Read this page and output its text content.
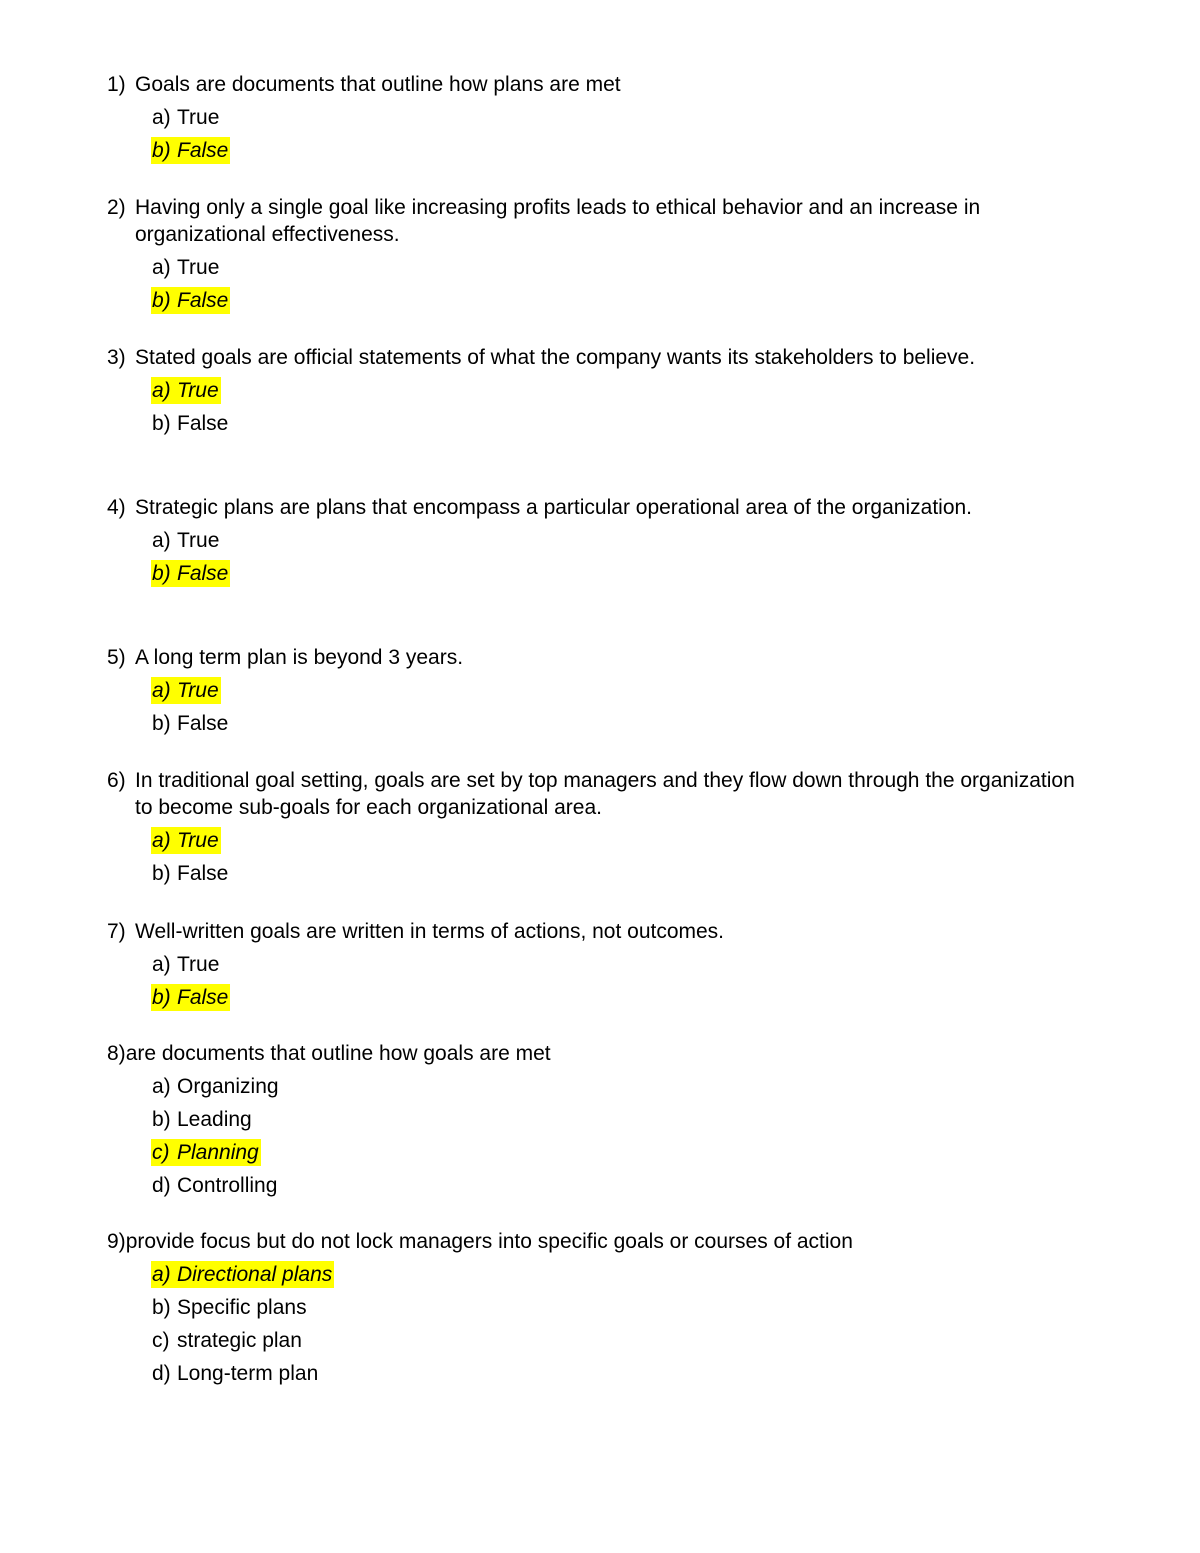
1) Goals are documents that outline how plans are met
a) True
b) False
2) Having only a single goal like increasing profits leads to ethical behavior and an increase in organizational effectiveness.
a) True
b) False
3) Stated goals are official statements of what the company wants its stakeholders to believe.
a) True
b) False
4) Strategic plans are plans that encompass a particular operational area of the organization.
a) True
b) False
5) A long term plan is beyond 3 years.
a) True
b) False
6) In traditional goal setting, goals are set by top managers and they flow down through the organization to become sub-goals for each organizational area.
a) True
b) False
7) Well-written goals are written in terms of actions, not outcomes.
a) True
b) False
8) are documents that outline how goals are met
a) Organizing
b) Leading
c) Planning
d) Controlling
9) provide focus but do not lock managers into specific goals or courses of action
a) Directional plans
b) Specific plans
c) strategic plan
d) Long-term plan
